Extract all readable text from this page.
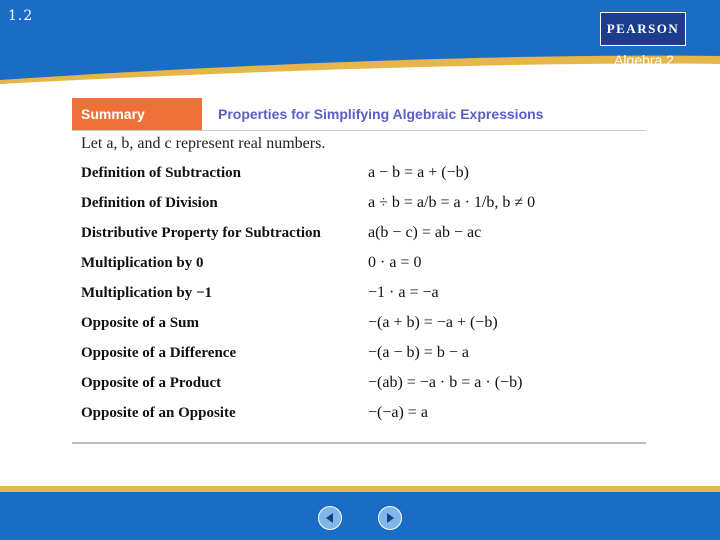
1.2
PEARSON
Algebra 2
Summary	Properties for Simplifying Algebraic Expressions
Let a, b, and c represent real numbers.
Definition of Subtraction	a − b = a + (−b)
Definition of Division	a ÷ b = a/b = a · 1/b, b ≠ 0
Distributive Property for Subtraction	a(b − c) = ab − ac
Multiplication by 0	0 · a = 0
Multiplication by −1	−1 · a = −a
Opposite of a Sum	−(a + b) = −a + (−b)
Opposite of a Difference	−(a − b) = b − a
Opposite of a Product	−(ab) = −a · b = a · (−b)
Opposite of an Opposite	−(−a) = a
